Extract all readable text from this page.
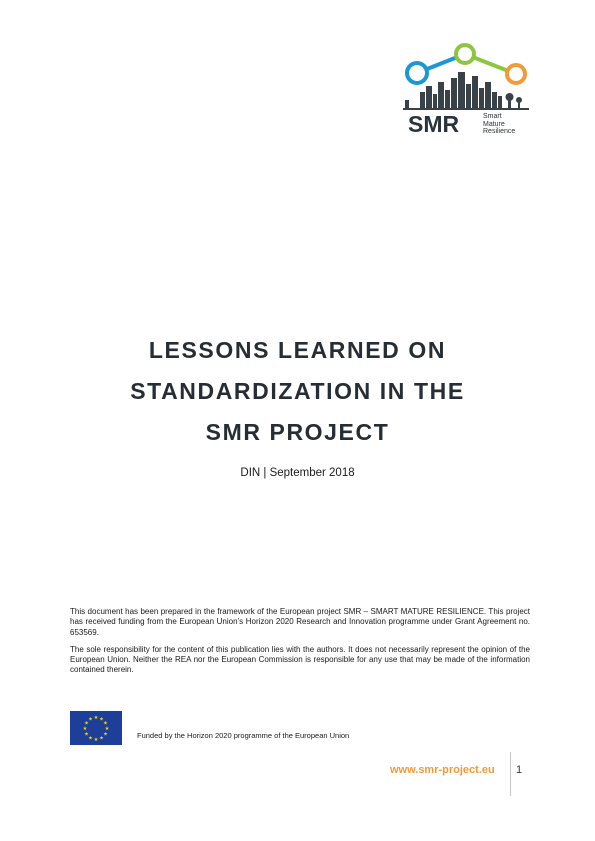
SMR	Smart
Mature
Resilience
LESSONS LEARNED ON
STANDARDIZATION IN THE
SMR PROJECT
DIN | September 2018

This document has been prepared in the framework of the European project SMR – SMART MATURE RESILIENCE. This project has received funding from the European Union’s Horizon 2020 Research and Innovation programme under Grant Agreement no. 653569.

The sole responsibility for the content of this publication lies with the authors. It does not necessarily represent the opinion of the European Union. Neither the REA nor the European Commission is responsible for any use that may be made of the information contained therein.

★ ★
★
★
★
★
★
★
★
★
★
★
Funded by the Horizon 2020 programme of the European Union
www.smr-project.eu 1
